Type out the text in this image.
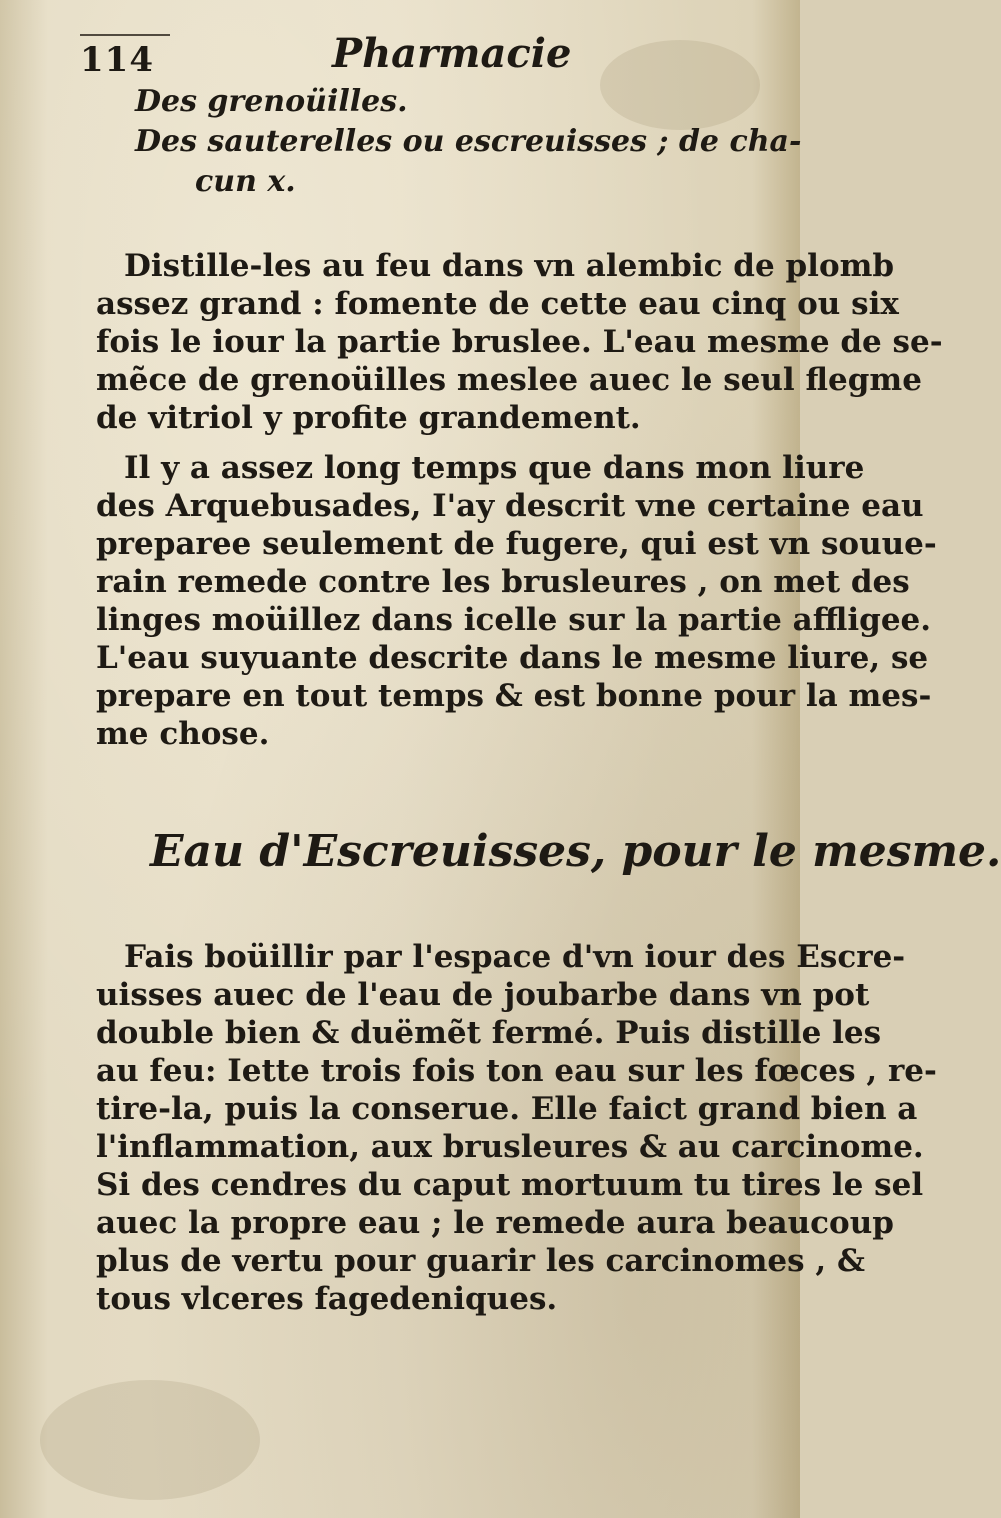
114	Pharmacie
Des grenoüilles.
Des sauterelles ou escreuisses ; de cha-
cun x.
Distille-les au feu dans vn alembic de plomb
assez grand : fomente de cette eau cinq ou six
fois le iour la partie bruslee. L'eau mesme de se-
mẽce de grenoüilles meslee auec le seul flegme
de vitriol y profite grandement.
Il y a assez long temps que dans mon liure
des Arquebusades, I'ay descrit vne certaine eau
preparee seulement de fugere, qui est vn souue-
rain remede contre les brusleures , on met des
linges moüillez dans icelle sur la partie affligee.
L'eau suyuante descrite dans le mesme liure, se
prepare en tout temps & est bonne pour la mes-
me chose.
Eau d'Escreuisses, pour le mesme.
Fais boüillir par l'espace d'vn iour des Escre-
uisses auec de l'eau de joubarbe dans vn pot
double bien & duëmẽt fermé. Puis distille les
au feu: Iette trois fois ton eau sur les fœces , re-
tire-la, puis la conserue. Elle faict grand bien a
l'inflammation, aux brusleures & au carcinome.
Si des cendres du caput mortuum tu tires le sel
auec la propre eau ; le remede aura beaucoup
plus de vertu pour guarir les carcinomes , &
tous vlceres fagedeniques.
